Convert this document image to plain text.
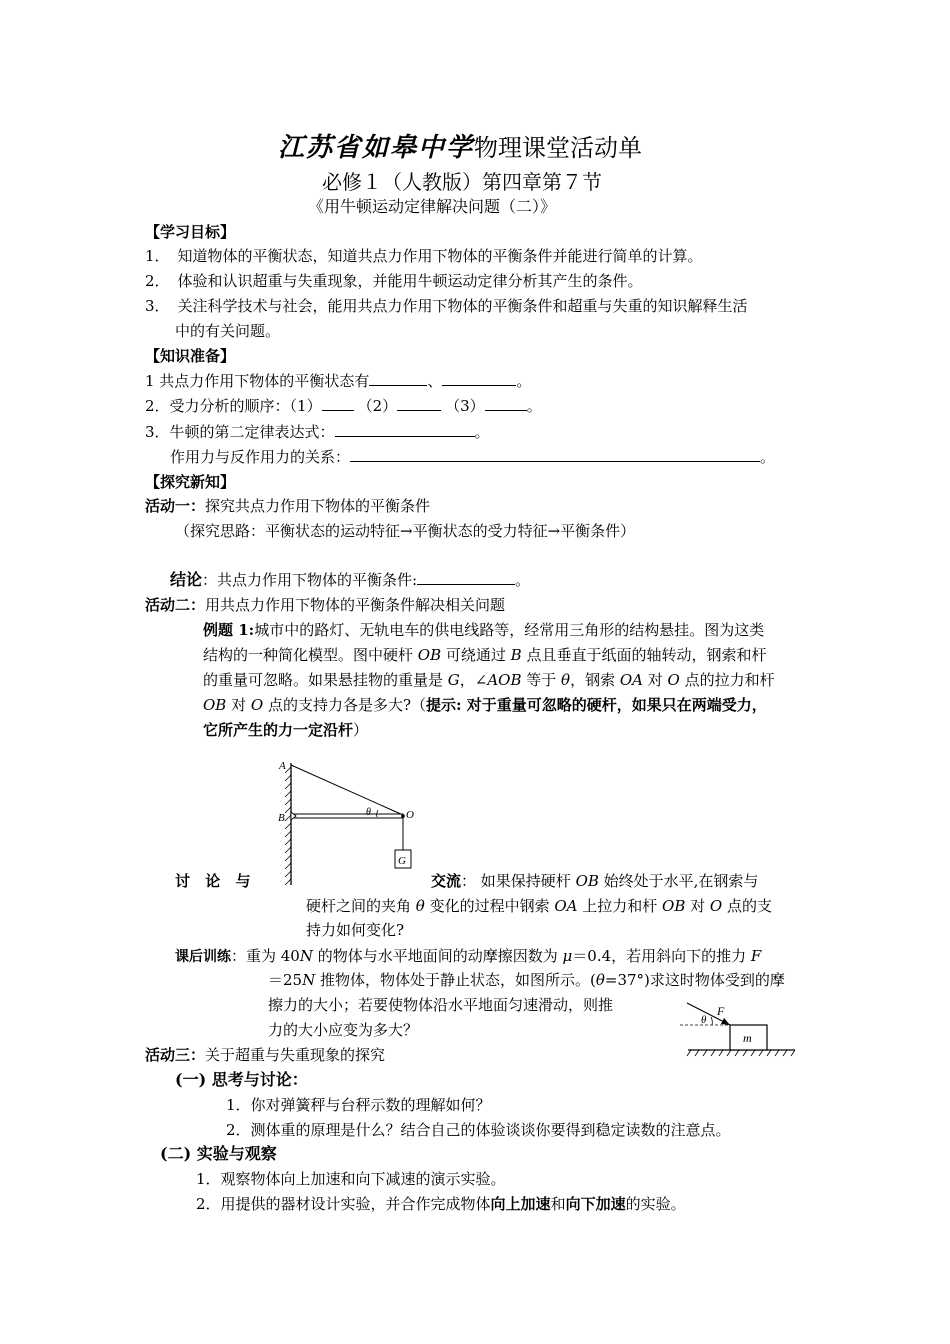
江苏省如皋中学物理课堂活动单
必修１（人教版）第四章第７节
《用牛顿运动定律解决问题（二）》
【学习目标】
1． 知道物体的平衡状态，知道共点力作用下物体的平衡条件并能进行简单的计算。
2． 体验和认识超重与失重现象，并能用牛顿运动定律分析其产生的条件。
3． 关注科学技术与社会，能用共点力作用下物体的平衡条件和超重与失重的知识解释生活
中的有关问题。
【知识准备】
1 共点力作用下物体的平衡状态有	、	。
2．受力分析的顺序：（1） （2）	（3）	。
3．牛顿的第二定律表达式：	。
作用力与反作用力的关系：	。
【探究新知】
活动一：探究共点力作用下物体的平衡条件
（探究思路：平衡状态的运动特征→平衡状态的受力特征→平衡条件）
结论：共点力作用下物体的平衡条件:	。
活动二：用共点力作用下物体的平衡条件解决相关问题
例题 1:城市中的路灯、无轨电车的供电线路等，经常用三角形的结构悬挂。图为这类
结构的一种简化模型。图中硬杆 OB 可绕通过 B 点且垂直于纸面的轴转动，钢索和杆
的重量可忽略。如果悬挂物的重量是 G，∠AOB 等于 θ，钢索 OA 对 O 点的拉力和杆
OB 对 O 点的支持力各是多大?（提示: 对于重量可忽略的硬杆，如果只在两端受力，
它所产生的力一定沿杆）
A
B	O
G
θ
讨 论 与	交流： 如果保持硬杆 OB 始终处于水平,在钢索与
硬杆之间的夹角 θ 变化的过程中钢索 OA 上拉力和杆 OB 对 O 点的支
持力如何变化?
课后训练：重为 40N 的物体与水平地面间的动摩擦因数为 μ＝0.4，若用斜向下的推力 F
＝25N 推物体，物体处于静止状态，如图所示。(θ=37°)求这时物体受到的摩
擦力的大小；若要使物体沿水平地面匀速滑动，则推
力的大小应变为多大？
F
θ
m
活动三：关于超重与失重现象的探究
(一) 思考与讨论：
1．你对弹簧秤与台秤示数的理解如何？
2．测体重的原理是什么？结合自己的体验谈谈你要得到稳定读数的注意点。
(二) 实验与观察
1．观察物体向上加速和向下减速的演示实验。
2．用提供的器材设计实验，并合作完成物体向上加速和向下加速的实验。
